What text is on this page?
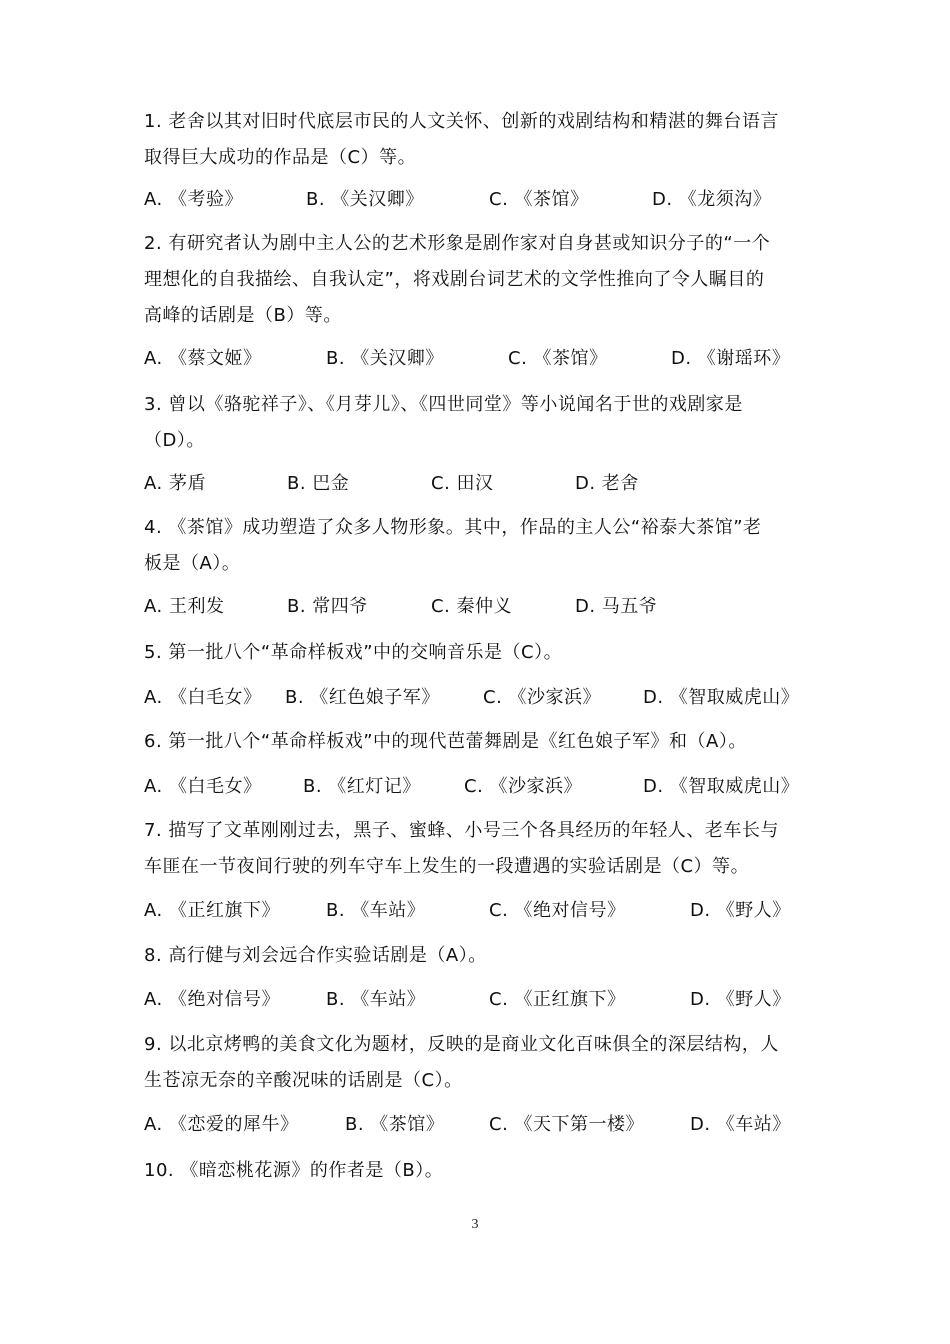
1. 老舍以其对旧时代底层市民的人文关怀、创新的戏剧结构和精湛的舞台语言
取得巨大成功的作品是（C）等。
A. 《考验》	B. 《关汉卿》	C. 《茶馆》	D. 《龙须沟》
2. 有研究者认为剧中主人公的艺术形象是剧作家对自身甚或知识分子的“一个
理想化的自我描绘、自我认定”，将戏剧台词艺术的文学性推向了令人瞩目的
高峰的话剧是（B）等。
A. 《蔡文姬》	B. 《关汉卿》	C. 《茶馆》	D. 《谢瑶环》
3. 曾以《骆驼祥子》、《月芽儿》、《四世同堂》等小说闻名于世的戏剧家是
（D）。
A. 茅盾	B. 巴金	C. 田汉	D. 老舍
4. 《茶馆》成功塑造了众多人物形象。其中，作品的主人公“裕泰大茶馆”老
板是（A）。
A. 王利发	B. 常四爷	C. 秦仲义	D. 马五爷
5. 第一批八个“革命样板戏”中的交响音乐是（C）。
A. 《白毛女》 B. 《红色娘子军》 C. 《沙家浜》 D. 《智取威虎山》
6. 第一批八个“革命样板戏”中的现代芭蕾舞剧是《红色娘子军》和（A）。
A. 《白毛女》 B. 《红灯记》 C. 《沙家浜》	D. 《智取威虎山》
7. 描写了文革刚刚过去，黑子、蜜蜂、小号三个各具经历的年轻人、老车长与
车匪在一节夜间行驶的列车守车上发生的一段遭遇的实验话剧是（C）等。
A. 《正红旗下》	B. 《车站》	C. 《绝对信号》	D. 《野人》
8. 高行健与刘会远合作实验话剧是（A）。
A. 《绝对信号》	B. 《车站》	C. 《正红旗下》	D. 《野人》
9. 以北京烤鸭的美食文化为题材，反映的是商业文化百味俱全的深层结构，人
生苍凉无奈的辛酸况味的话剧是（C）。
A. 《恋爱的犀牛》	B. 《茶馆》 C. 《天下第一楼》	D. 《车站》
10. 《暗恋桃花源》的作者是（B）。
3
